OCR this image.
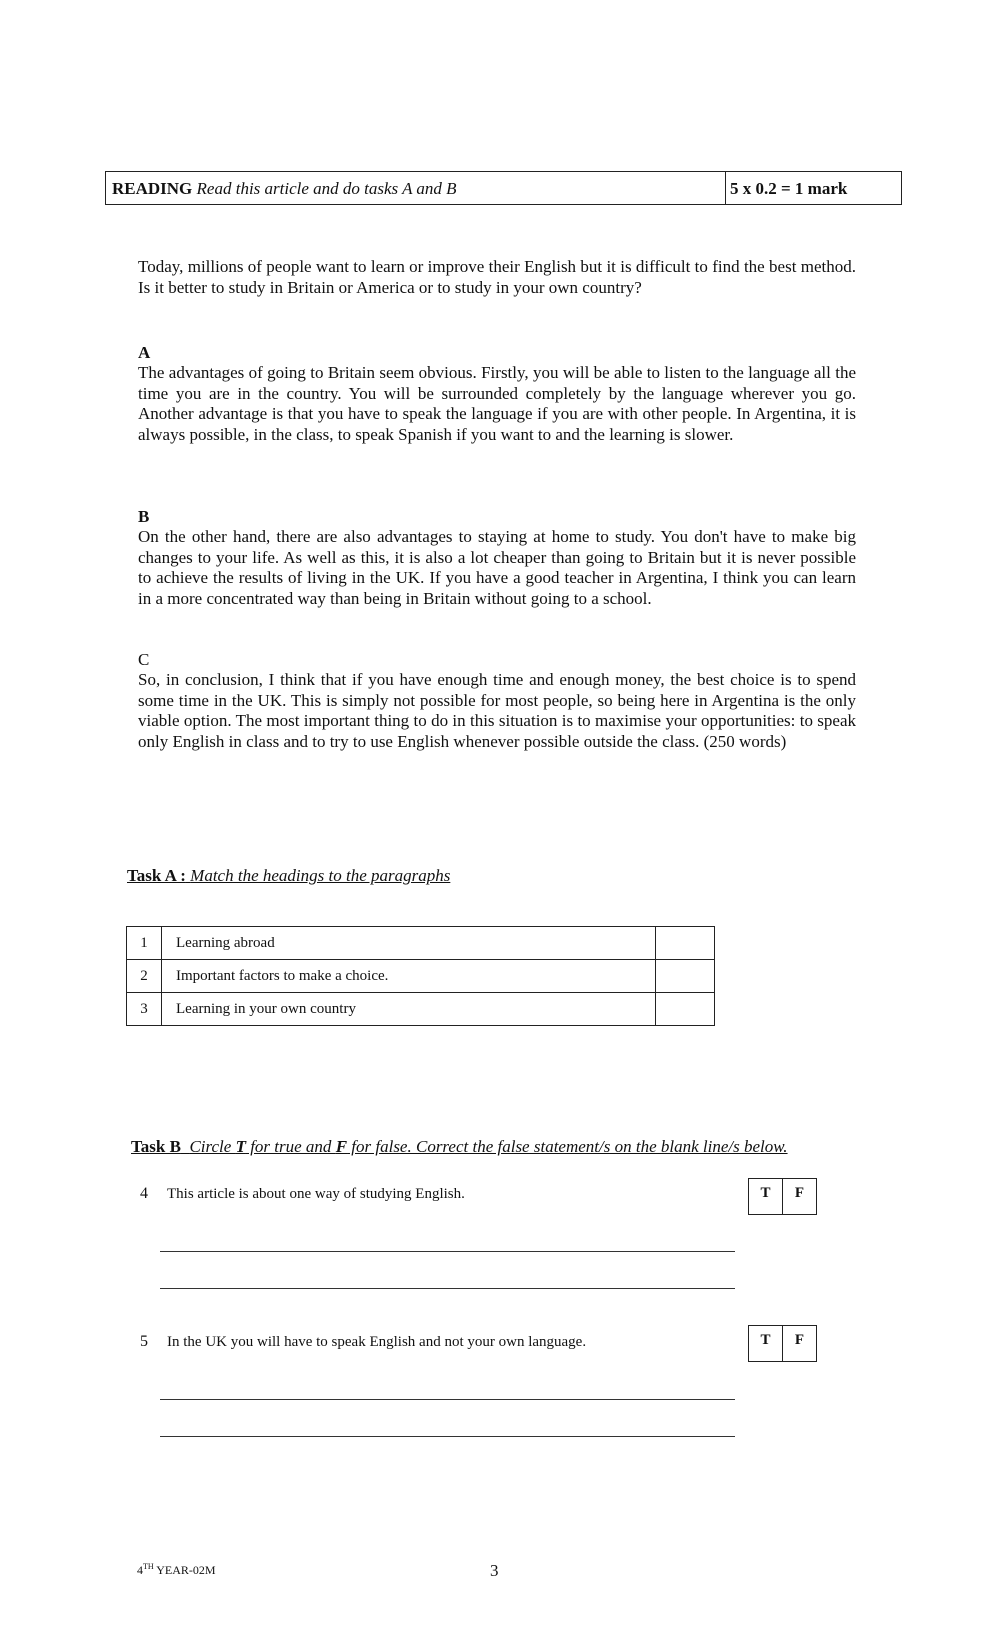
READING Read this article and do tasks A and B	5 x 0.2 = 1 mark

Today, millions of people want to learn or improve their English but it is difficult to find the best method. Is it better to study in Britain or America or to study in your own country?

A

The advantages of going to Britain seem obvious. Firstly, you will be able to listen to the language all the time you are in the country. You will be surrounded completely by the language wherever you go. Another advantage is that you have to speak the language if you are with other people. In Argentina, it is always possible, in the class, to speak Spanish if you want to and the learning is slower.

B

On the other hand, there are also advantages to staying at home to study. You don't have to make big changes to your life. As well as this, it is also a lot cheaper than going to Britain but it is never possible to achieve the results of living in the UK. If you have a good teacher in Argentina, I think you can learn in a more concentrated way than being in Britain without going to a school.

C

So, in conclusion, I think that if you have enough time and enough money, the best choice is to spend some time in the UK. This is simply not possible for most people, so being here in Argentina is the only viable option. The most important thing to do in this situation is to maximise your opportunities: to speak only English in class and to try to use English whenever possible outside the class. (250 words)

Task A : Match the headings to the paragraphs
1	Learning abroad	
2	Important factors to make a choice.	
3	Learning in your own country	
Task B Circle T for true and F for false. Correct the false statement/s on the blank line/s below.
4 This article is about one way of studying English.	T	F
5 In the UK you will have to speak English and not your own language.	T	F
4TH YEAR-02M	3
